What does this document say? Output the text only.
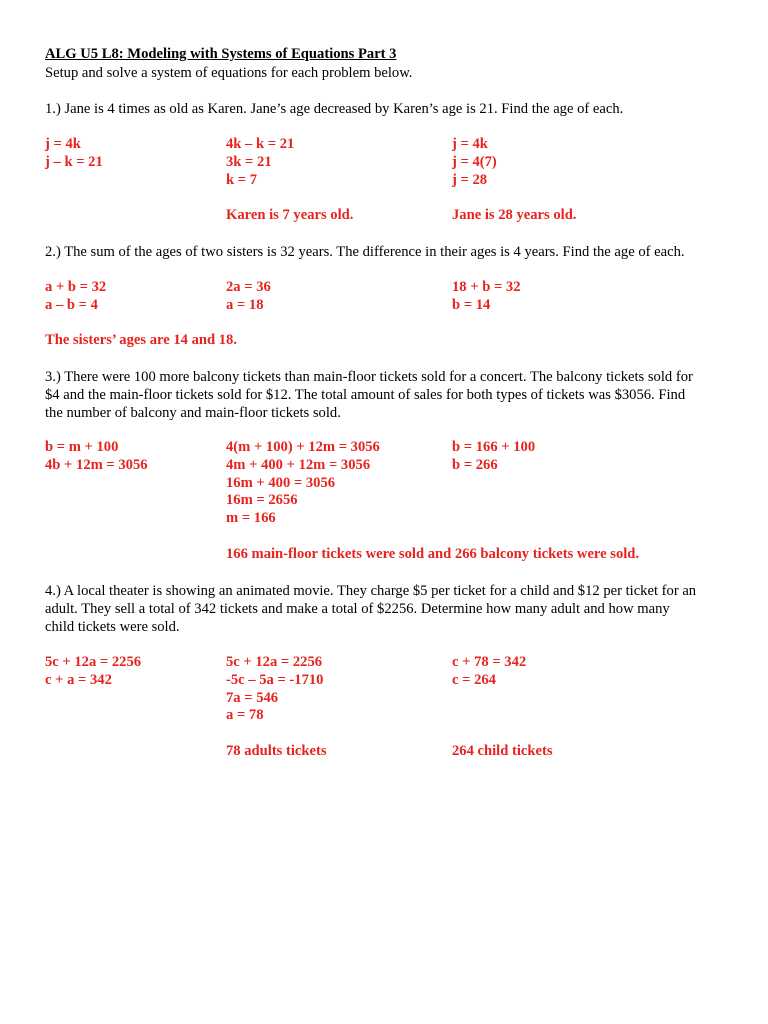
ALG U5 L8: Modeling with Systems of Equations Part 3
Setup and solve a system of equations for each problem below.
1.) Jane is 4 times as old as Karen. Jane’s age decreased by Karen’s age is 21. Find the age of each.
j = 4k
j – k = 21
4k – k = 21
3k = 21
k = 7
j = 4k
j = 4(7)
j = 28
Karen is 7 years old.	Jane is 28 years old.
2.) The sum of the ages of two sisters is 32 years. The difference in their ages is 4 years. Find the age of each.
a + b = 32
a – b = 4
2a = 36
a = 18
18 + b = 32
b = 14
The sisters’ ages are 14 and 18.
3.) There were 100 more balcony tickets than main-floor tickets sold for a concert. The balcony tickets sold for
$4 and the main-floor tickets sold for $12. The total amount of sales for both types of tickets was $3056. Find
the number of balcony and main-floor tickets sold.
b = m + 100
4b + 12m = 3056
4(m + 100) + 12m = 3056
4m + 400 + 12m = 3056
16m + 400 = 3056
16m = 2656
m = 166
b = 166 + 100
b = 266
166 main-floor tickets were sold and 266 balcony tickets were sold.
4.) A local theater is showing an animated movie. They charge $5 per ticket for a child and $12 per ticket for an
adult. They sell a total of 342 tickets and make a total of $2256. Determine how many adult and how many
child tickets were sold.
5c + 12a = 2256
c + a = 342
5c + 12a = 2256
-5c – 5a = -1710
7a = 546
a = 78
c + 78 = 342
c = 264
78 adults tickets	264 child tickets
